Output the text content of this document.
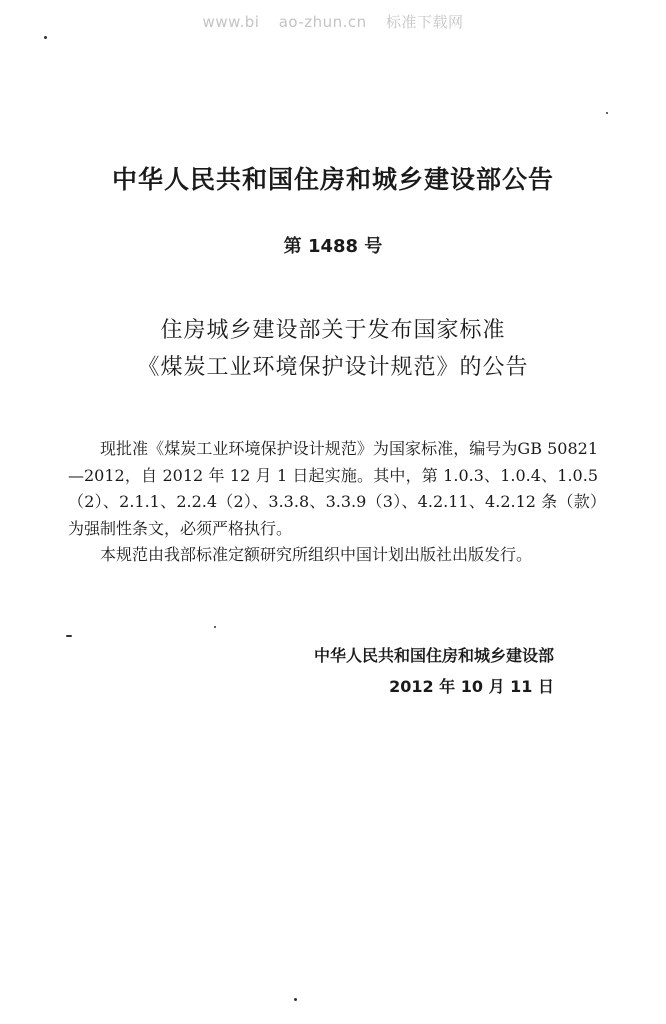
www.bi ao-zhun.cn 标准下载网
中华人民共和国住房和城乡建设部公告
第 1488 号
住房城乡建设部关于发布国家标准
《煤炭工业环境保护设计规范》的公告

现批准《煤炭工业环境保护设计规范》为国家标准，编号为GB 50821—2012，自 2012 年 12 月 1 日起实施。其中，第 1.0.3、1.0.4、1.0.5（2）、2.1.1、2.2.4（2）、3.3.8、3.3.9（3）、4.2.11、4.2.12 条（款）为强制性条文，必须严格执行。

本规范由我部标准定额研究所组织中国计划出版社出版发行。

中华人民共和国住房和城乡建设部
2012 年 10 月 11 日
